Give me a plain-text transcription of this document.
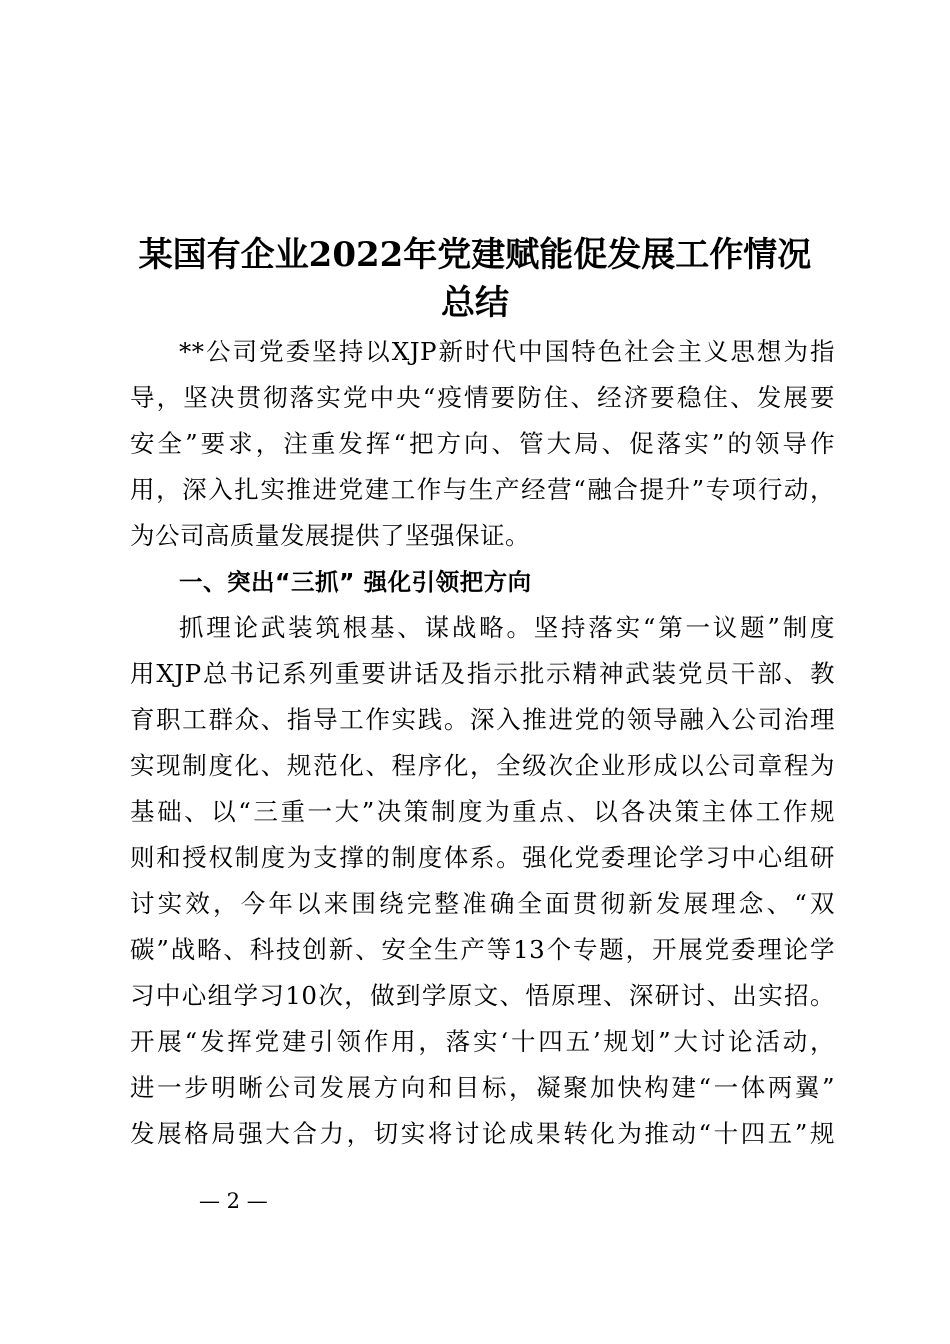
某国有企业2022年党建赋能促发展工作情况
总结
**公司党委坚持以XJP新时代中国特色社会主义思想为指
导，坚决贯彻落实党中央“疫情要防住、经济要稳住、发展要
安全”要求，注重发挥“把方向、管大局、促落实”的领导作
用，深入扎实推进党建工作与生产经营“融合提升”专项行动，
为公司高质量发展提供了坚强保证。
一、突出“三抓” 强化引领把方向
抓理论武装筑根基、谋战略。坚持落实“第一议题”制度
用XJP总书记系列重要讲话及指示批示精神武装党员干部、教
育职工群众、指导工作实践。深入推进党的领导融入公司治理
实现制度化、规范化、程序化，全级次企业形成以公司章程为
基础、以“三重一大”决策制度为重点、以各决策主体工作规
则和授权制度为支撑的制度体系。强化党委理论学习中心组研
讨实效，今年以来围绕完整准确全面贯彻新发展理念、“双
碳”战略、科技创新、安全生产等13个专题，开展党委理论学
习中心组学习10次，做到学原文、悟原理、深研讨、出实招。
开展“发挥党建引领作用，落实‘十四五’规划”大讨论活动，
进一步明晰公司发展方向和目标，凝聚加快构建“一体两翼”
发展格局强大合力，切实将讨论成果转化为推动“十四五”规
— 2 —
